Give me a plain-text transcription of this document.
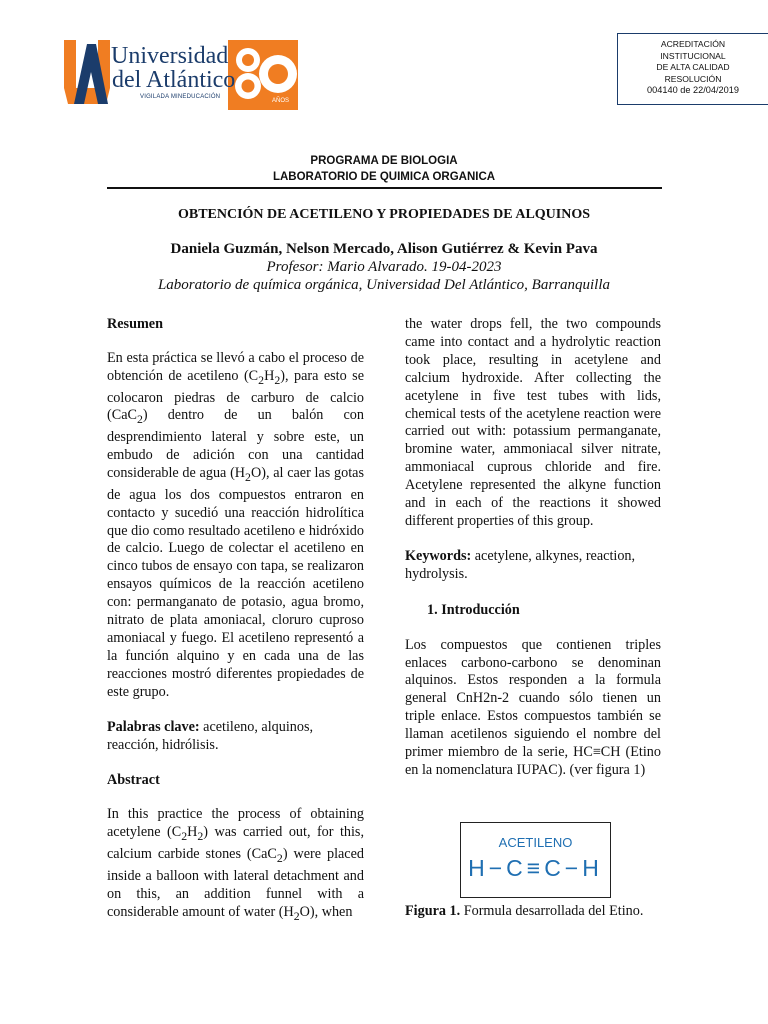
Universidad
del Atlántico
VIGILADA MINEDUCACIÓN
AÑOS
ACREDITACIÓN
INSTITUCIONAL
DE ALTA CALIDAD
RESOLUCIÓN
004140 de 22/04/2019
PROGRAMA DE BIOLOGIA
LABORATORIO DE QUIMICA ORGANICA
OBTENCIÓN DE ACETILENO Y PROPIEDADES DE ALQUINOS
Daniela Guzmán, Nelson Mercado, Alison Gutiérrez & Kevin Pava
Profesor: Mario Alvarado. 19-04-2023
Laboratorio de química orgánica, Universidad Del Atlántico, Barranquilla
Resumen

En esta práctica se llevó a cabo el proceso de obtención de acetileno $(C_2H_2)$, para esto se colocaron piedras de carburo de calcio (CaC$_2$) dentro de un balón con desprendimiento lateral y sobre este, un embudo de adición con una cantidad considerable de agua $(H_2O)$, al caer las gotas de agua los dos compuestos entraron en contacto y sucedió una reacción hidrolítica que dio como resultado acetileno e hidróxido de calcio. Luego de colectar el acetileno en cinco tubos de ensayo con tapa, se realizaron ensayos químicos de la reacción acetileno con: permanganato de potasio, agua bromo, nitrato de plata amoniacal, cloruro cuproso amoniacal y fuego. El acetileno representó a la función alquino y en cada una de las reacciones mostró diferentes propiedades de este grupo.

Palabras clave: acetileno, alquinos, reacción, hidrólisis.

Abstract

In this practice the process of obtaining acetylene $(C_2H_2)$ was carried out, for this, calcium carbide stones (CaC$_2$) were placed inside a balloon with lateral detachment and on this, an addition funnel with a considerable amount of water $(H_2O)$, when

the water drops fell, the two compounds came into contact and a hydrolytic reaction took place, resulting in acetylene and calcium hydroxide. After collecting the acetylene in five test tubes with lids, chemical tests of the acetylene reaction were carried out with: potassium permanganate, bromine water, ammoniacal silver nitrate, ammoniacal cuprous chloride and fire. Acetylene represented the alkyne function and in each of the reactions it showed different properties of this group.

Keywords: acetylene, alkynes, reaction, hydrolysis.

1. Introducción

Los compuestos que contienen triples enlaces carbono-carbono se denominan alquinos. Estos responden a la formula general CnH2n-2 cuando sólo tienen un triple enlace. Estos compuestos también se llaman acetilenos siguiendo el nombre del primer miembro de la serie, HC≡CH (Etino en la nomenclatura IUPAC). (ver figura 1)

ACETILENO
H−C≡C−H
Figura 1. Formula desarrollada del Etino.
